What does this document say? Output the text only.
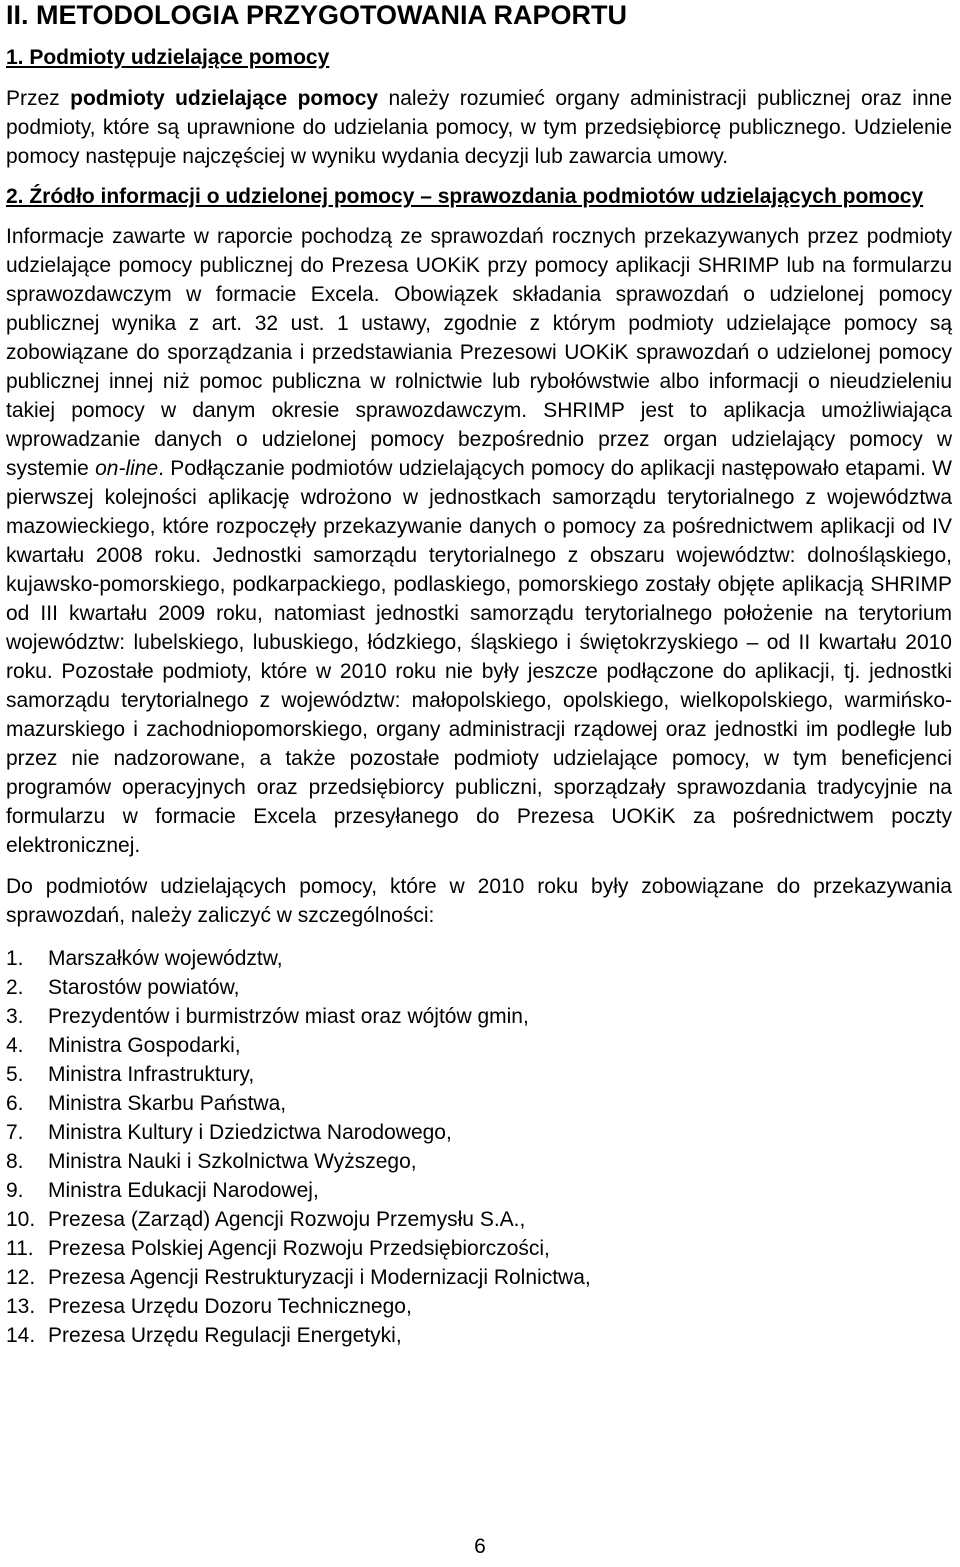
II. METODOLOGIA PRZYGOTOWANIA RAPORTU
1. Podmioty udzielające pomocy

Przez podmioty udzielające pomocy należy rozumieć organy administracji publicznej oraz inne podmioty, które są uprawnione do udzielania pomocy, w tym przedsiębiorcę publicznego. Udzielenie pomocy następuje najczęściej w wyniku wydania decyzji lub zawarcia umowy.

2. Źródło informacji o udzielonej pomocy – sprawozdania podmiotów udzielających pomocy

Informacje zawarte w raporcie pochodzą ze sprawozdań rocznych przekazywanych przez podmioty udzielające pomocy publicznej do Prezesa UOKiK przy pomocy aplikacji SHRIMP lub na formularzu sprawozdawczym w formacie Excela. Obowiązek składania sprawozdań o udzielonej pomocy publicznej wynika z art. 32 ust. 1 ustawy, zgodnie z którym podmioty udzielające pomocy są zobowiązane do sporządzania i przedstawiania Prezesowi UOKiK sprawozdań o udzielonej pomocy publicznej innej niż pomoc publiczna w rolnictwie lub rybołówstwie albo informacji o nieudzieleniu takiej pomocy w danym okresie sprawozdawczym. SHRIMP jest to aplikacja umożliwiająca wprowadzanie danych o udzielonej pomocy bezpośrednio przez organ udzielający pomocy w systemie on-line. Podłączanie podmiotów udzielających pomocy do aplikacji następowało etapami. W pierwszej kolejności aplikację wdrożono w jednostkach samorządu terytorialnego z województwa mazowieckiego, które rozpoczęły przekazywanie danych o pomocy za pośrednictwem aplikacji od IV kwartału 2008 roku. Jednostki samorządu terytorialnego z obszaru województw: dolnośląskiego, kujawsko-pomorskiego, podkarpackiego, podlaskiego, pomorskiego zostały objęte aplikacją SHRIMP od III kwartału 2009 roku, natomiast jednostki samorządu terytorialnego położenie na terytorium województw: lubelskiego, lubuskiego, łódzkiego, śląskiego i świętokrzyskiego – od II kwartału 2010 roku. Pozostałe podmioty, które w 2010 roku nie były jeszcze podłączone do aplikacji, tj. jednostki samorządu terytorialnego z województw: małopolskiego, opolskiego, wielkopolskiego, warmińsko-mazurskiego i zachodniopomorskiego, organy administracji rządowej oraz jednostki im podległe lub przez nie nadzorowane, a także pozostałe podmioty udzielające pomocy, w tym beneficjenci programów operacyjnych oraz przedsiębiorcy publiczni, sporządzały sprawozdania tradycyjnie na formularzu w formacie Excela przesyłanego do Prezesa UOKiK za pośrednictwem poczty elektronicznej.

Do podmiotów udzielających pomocy, które w 2010 roku były zobowiązane do przekazywania sprawozdań, należy zaliczyć w szczególności:

1.	Marszałków województw,
2.	Starostów powiatów,
3.	Prezydentów i burmistrzów miast oraz wójtów gmin,
4.	Ministra Gospodarki,
5.	Ministra Infrastruktury,
6.	Ministra Skarbu Państwa,
7.	Ministra Kultury i Dziedzictwa Narodowego,
8.	Ministra Nauki i Szkolnictwa Wyższego,
9.	Ministra Edukacji Narodowej,
10. Prezesa (Zarząd) Agencji Rozwoju Przemysłu S.A.,
11. Prezesa Polskiej Agencji Rozwoju Przedsiębiorczości,
12. Prezesa Agencji Restrukturyzacji i Modernizacji Rolnictwa,
13. Prezesa Urzędu Dozoru Technicznego,
14. Prezesa Urzędu Regulacji Energetyki,
6
